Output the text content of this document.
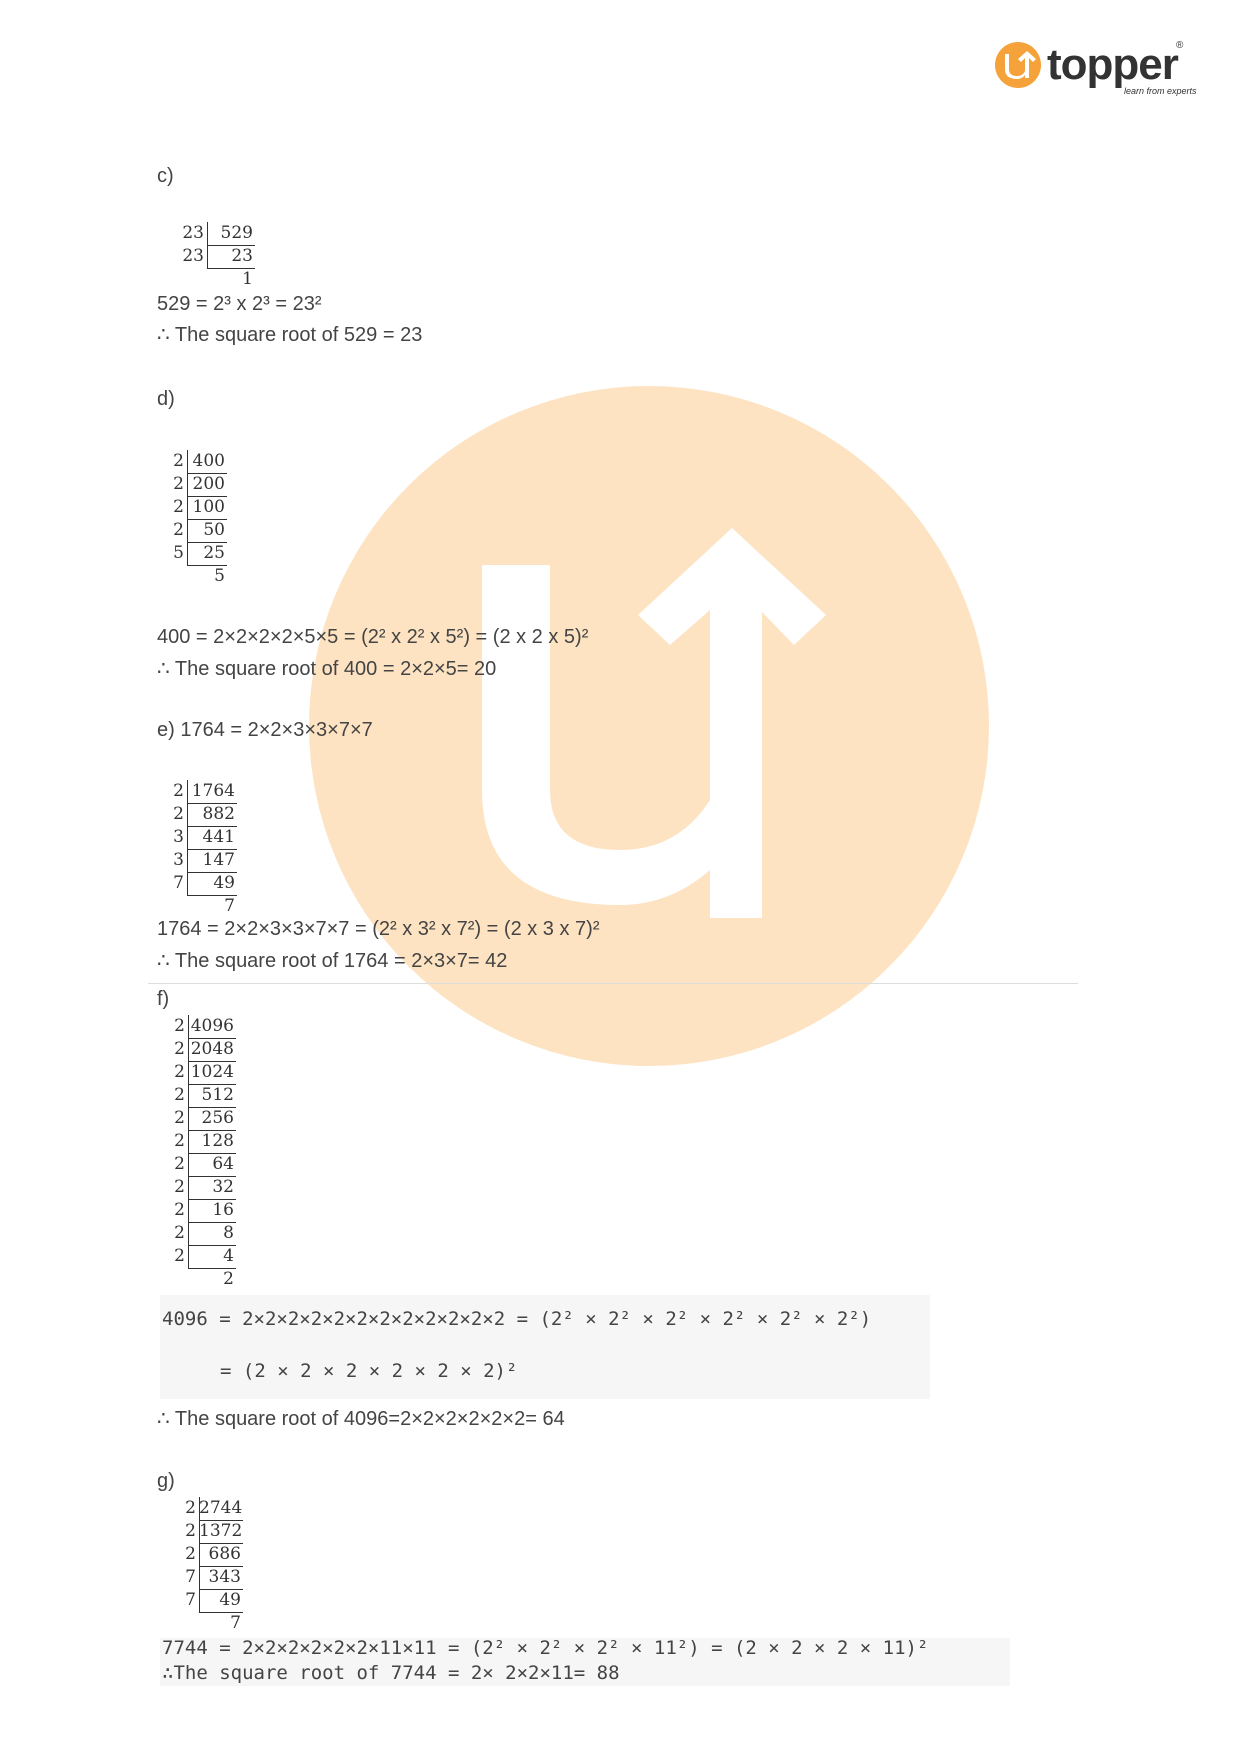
topper
®
learn from experts
c)
23 529
23	23
1
529 = 2³ x 2³ = 23²
∴ The square root of 529 = 23
d)
2 400
2 200
2 100
2	50
5	25
5
400 = 2×2×2×2×5×5 = (2² x 2² x 5²) = (2 x 2 x 5)²
∴ The square root of 400 = 2×2×5= 20
e) 1764 = 2×2×3×3×7×7
2 1764
2	882
3	441
3	147
7	49
7
1764 = 2×2×3×3×7×7 = (2² x 3² x 7²) = (2 x 3 x 7)²
∴ The square root of 1764 = 2×3×7= 42
f)
2 4096
2 2048
2 1024
2 512
2 256
2 128
2	64
2	32
2	16
2	8
2	4
2
4096 = 2×2×2×2×2×2×2×2×2×2×2×2 = (2² × 2² × 2² × 2² × 2² × 2²)
= (2 × 2 × 2 × 2 × 2 × 2)²
∴ The square root of 4096=2×2×2×2×2×2= 64
g)
2 2744
2 1372
2 686
7 343
7	49
7
7744 = 2×2×2×2×2×2×11×11 = (2² × 2² × 2² × 11²) = (2 × 2 × 2 × 11)²
∴The square root of 7744 = 2× 2×2×11= 88
